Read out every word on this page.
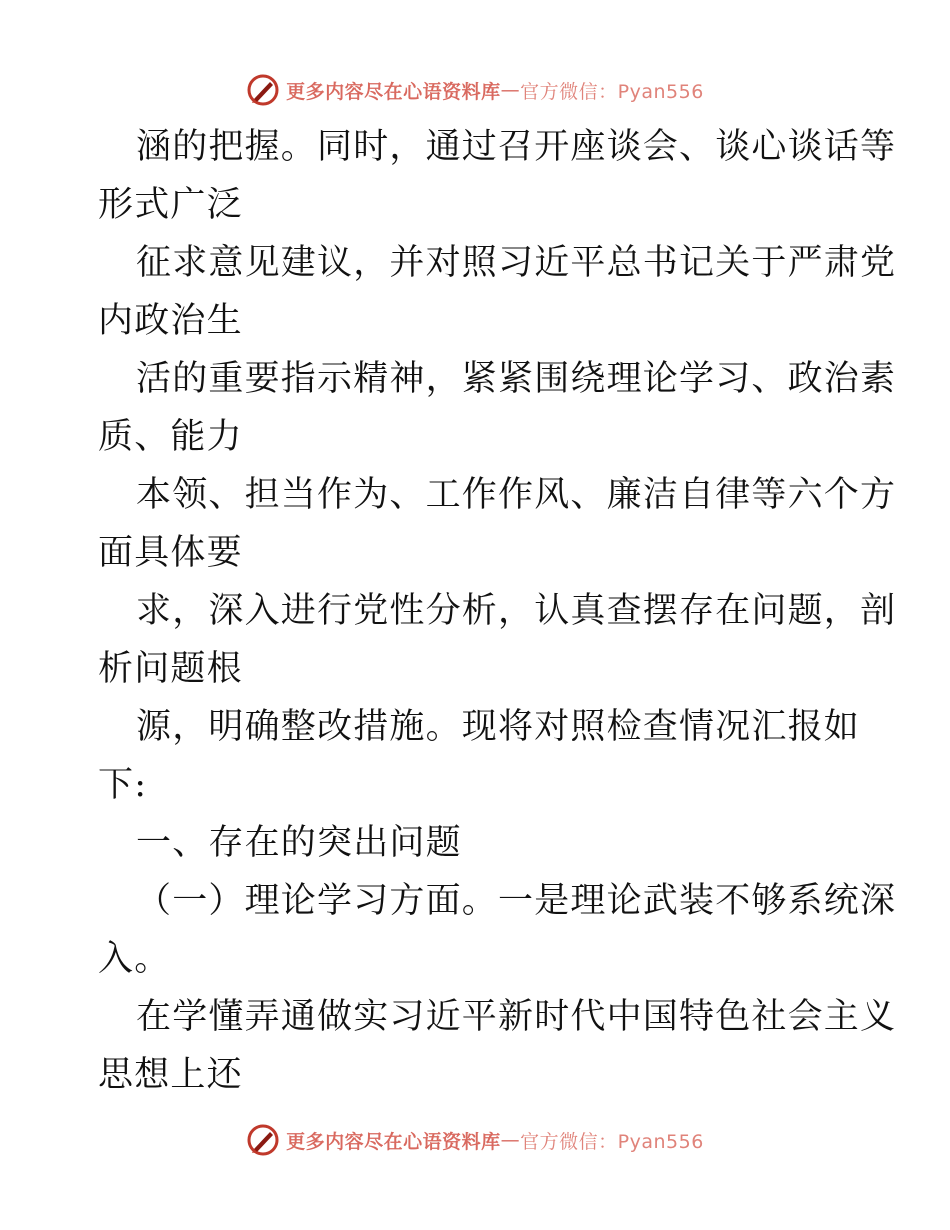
更多内容尽在心语资料库 — 官方微信：Pyan556
涵的把握。同时，通过召开座谈会、谈心谈话等
形式广泛
征求意见建议，并对照习近平总书记关于严肃党
内政治生
活的重要指示精神，紧紧围绕理论学习、政治素
质、能力
本领、担当作为、工作作风、廉洁自律等六个方
面具体要
求，深入进行党性分析，认真查摆存在问题，剖
析问题根
源，明确整改措施。现将对照检查情况汇报如
下:
一、存在的突出问题
（一）理论学习方面。一是理论武装不够系统深
入。
在学懂弄通做实习近平新时代中国特色社会主义
思想上还
更多内容尽在心语资料库 — 官方微信：Pyan556
